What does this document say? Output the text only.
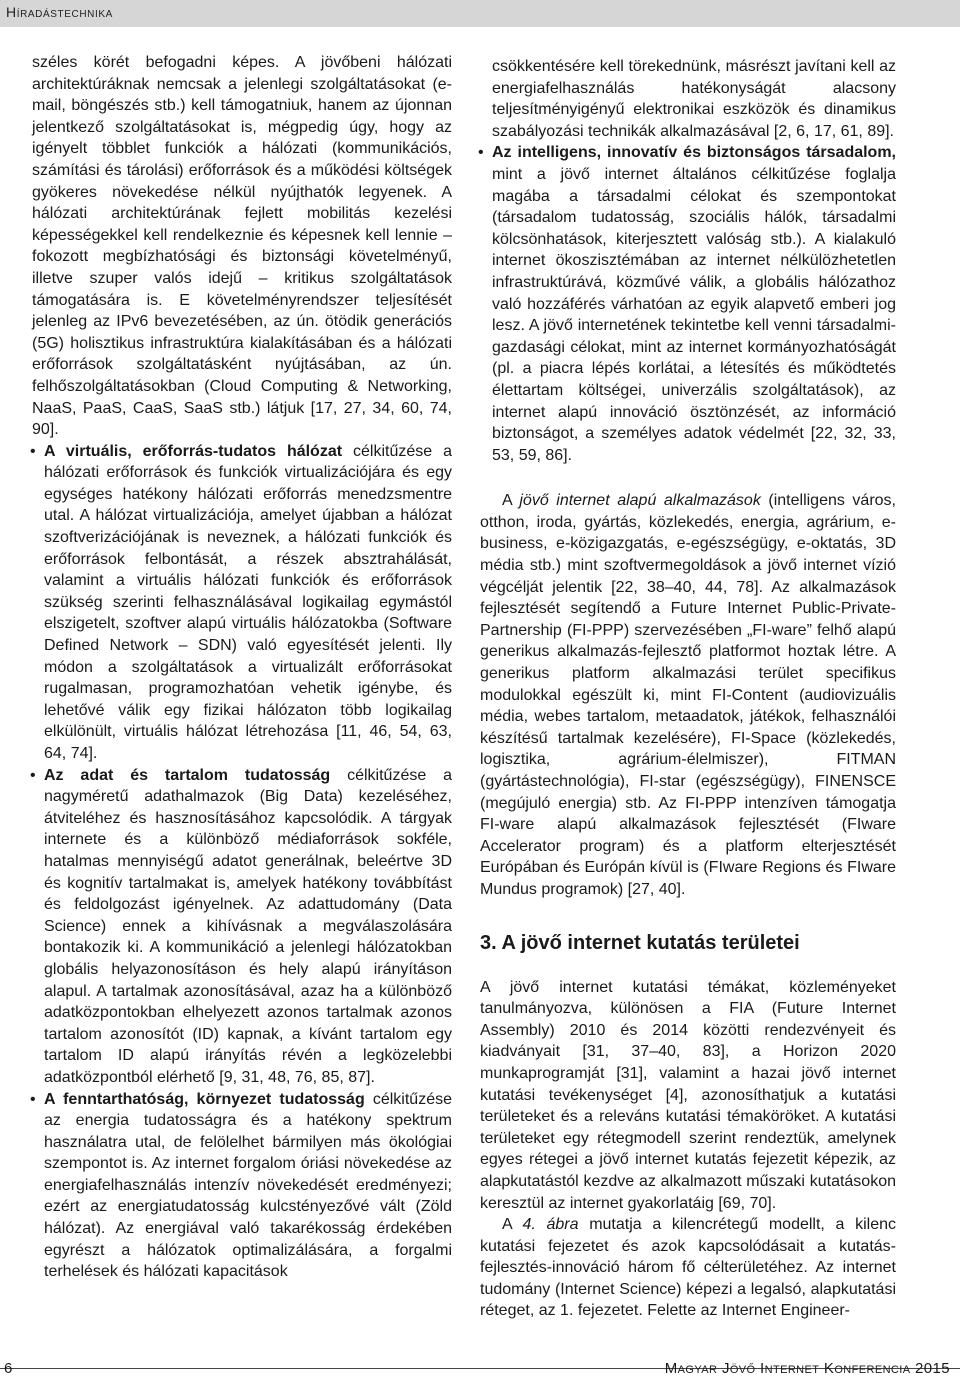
Híradástechnika

széles körét befogadni képes. A jövőbeni hálózati architektúráknak nemcsak a jelenlegi szolgáltatásokat (e-mail, böngészés stb.) kell támogatniuk, hanem az újonnan jelentkező szolgáltatásokat is, mégpedig úgy, hogy az igényelt többlet funkciók a hálózati (kommunikációs, számítási és tárolási) erőforrások és a működési költségek gyökeres növekedése nélkül nyújthatók legyenek. A hálózati architektúrának fejlett mobilitás kezelési képességekkel kell rendelkeznie és képesnek kell lennie – fokozott megbízhatósági és biztonsági követelményű, illetve szuper valós idejű – kritikus szolgáltatások támogatására is. E követelményrendszer teljesítését jelenleg az IPv6 bevezetésében, az ún. ötödik generációs (5G) holisztikus infrastruktúra kialakításában és a hálózati erőforrások szolgáltatásként nyújtásában, az ún. felhőszolgáltatásokban (Cloud Computing & Networking, NaaS, PaaS, CaaS, SaaS stb.) látjuk [17, 27, 34, 60, 74, 90].

• A virtuális, erőforrás-tudatos hálózat célkitűzése a hálózati erőforrások és funkciók virtualizációjára és egy egységes hatékony hálózati erőforrás menedzsmentre utal. A hálózat virtualizációja, amelyet újabban a hálózat szoftverizációjának is neveznek, a hálózati funkciók és erőforrások felbontását, a részek absztrahálását, valamint a virtuális hálózati funkciók és erőforrások szükség szerinti felhasználásával logikailag egymástól elszigetelt, szoftver alapú virtuális hálózatokba (Software Defined Network – SDN) való egyesítését jelenti. Ily módon a szolgáltatások a virtualizált erőforrásokat rugalmasan, programozhatóan vehetik igénybe, és lehetővé válik egy fizikai hálózaton több logikailag elkülönült, virtuális hálózat létrehozása [11, 46, 54, 63, 64, 74].
• Az adat és tartalom tudatosság célkitűzése a nagyméretű adathalmazok (Big Data) kezeléséhez, átviteléhez és hasznosításához kapcsolódik. A tárgyak internete és a különböző médiaforrások sokféle, hatalmas mennyiségű adatot generálnak, beleértve 3D és kognitív tartalmakat is, amelyek hatékony továbbítást és feldolgozást igényelnek. Az adattudomány (Data Science) ennek a kihívásnak a megválaszolására bontakozik ki. A kommunikáció a jelenlegi hálózatokban globális helyazonosításon és hely alapú irányításon alapul. A tartalmak azonosításával, azaz ha a különböző adatközpontokban elhelyezett azonos tartalmak azonos tartalom azonosítót (ID) kapnak, a kívánt tartalom egy tartalom ID alapú irányítás révén a legközelebbi adatközpontból elérhető [9, 31, 48, 76, 85, 87].
• A fenntarthatóság, környezet tudatosság célkitűzése az energia tudatosságra és a hatékony spektrum használatra utal, de felölelhet bármilyen más ökológiai szempontot is. Az internet forgalom óriási növekedése az energiafelhasználás intenzív növekedését eredményezi; ezért az energiatudatosság kulcstényezővé vált (Zöld hálózat). Az energiával való takarékosság érdekében egyrészt a hálózatok optimalizálására, a forgalmi terhelések és hálózati kapacitások

csökkentésére kell törekednünk, másrészt javítani kell az energiafelhasználás hatékonyságát alacsony teljesítményigényű elektronikai eszközök és dinamikus szabályozási technikák alkalmazásával [2, 6, 17, 61, 89].

• Az intelligens, innovatív és biztonságos társadalom, mint a jövő internet általános célkitűzése foglalja magába a társadalmi célokat és szempontokat (társadalom tudatosság, szociális hálók, társadalmi kölcsönhatások, kiterjesztett valóság stb.). A kialakuló internet ökoszisztémában az internet nélkülözhetetlen infrastruktúrává, közművé válik, a globális hálózathoz való hozzáférés várhatóan az egyik alapvető emberi jog lesz. A jövő internetének tekintetbe kell venni társadalmi-gazdasági célokat, mint az internet kormányozhatóságát (pl. a piacra lépés korlátai, a létesítés és működtetés élettartam költségei, univerzális szolgáltatások), az internet alapú innováció ösztönzését, az információ biztonságot, a személyes adatok védelmét [22, 32, 33, 53, 59, 86].

A jövő internet alapú alkalmazások (intelligens város, otthon, iroda, gyártás, közlekedés, energia, agrárium, e-business, e-közigazgatás, e-egészségügy, e-oktatás, 3D média stb.) mint szoftvermegoldások a jövő internet vízió végcélját jelentik [22, 38–40, 44, 78]. Az alkalmazások fejlesztését segítendő a Future Internet Public-Private-Partnership (FI-PPP) szervezésében „FI-ware” felhő alapú generikus alkalmazás-fejlesztő platformot hoztak létre. A generikus platform alkalmazási terület specifikus modulokkal egészült ki, mint FI-Content (audiovizuális média, webes tartalom, metaadatok, játékok, felhasználói készítésű tartalmak kezelésére), FI-Space (közlekedés, logisztika, agrárium-élelmiszer), FITMAN (gyártástechnológia), FI-star (egészségügy), FINENSCE (megújuló energia) stb. Az FI-PPP intenzíven támogatja FI-ware alapú alkalmazások fejlesztését (FIware Accelerator program) és a platform elterjesztését Európában és Európán kívül is (FIware Regions és FIware Mundus programok) [27, 40].

3. A jövő internet kutatás területei

A jövő internet kutatási témákat, közleményeket tanulmányozva, különösen a FIA (Future Internet Assembly) 2010 és 2014 közötti rendezvényeit és kiadványait [31, 37–40, 83], a Horizon 2020 munkaprogramját [31], valamint a hazai jövő internet kutatási tevékenységet [4], azonosíthatjuk a kutatási területeket és a releváns kutatási témaköröket. A kutatási területeket egy rétegmodell szerint rendeztük, amelynek egyes rétegei a jövő internet kutatás fejezetit képezik, az alapkutatástól kezdve az alkalmazott műszaki kutatásokon keresztül az internet gyakorlatáig [69, 70].

A 4. ábra mutatja a kilencrétegű modellt, a kilenc kutatási fejezetet és azok kapcsolódásait a kutatás-fejlesztés-innováció három fő célterületéhez. Az internet tudomány (Internet Science) képezi a legalsó, alapkutatási réteget, az 1. fejezetet. Felette az Internet Engineer-

6	Magyar Jövő Internet Konferencia 2015
